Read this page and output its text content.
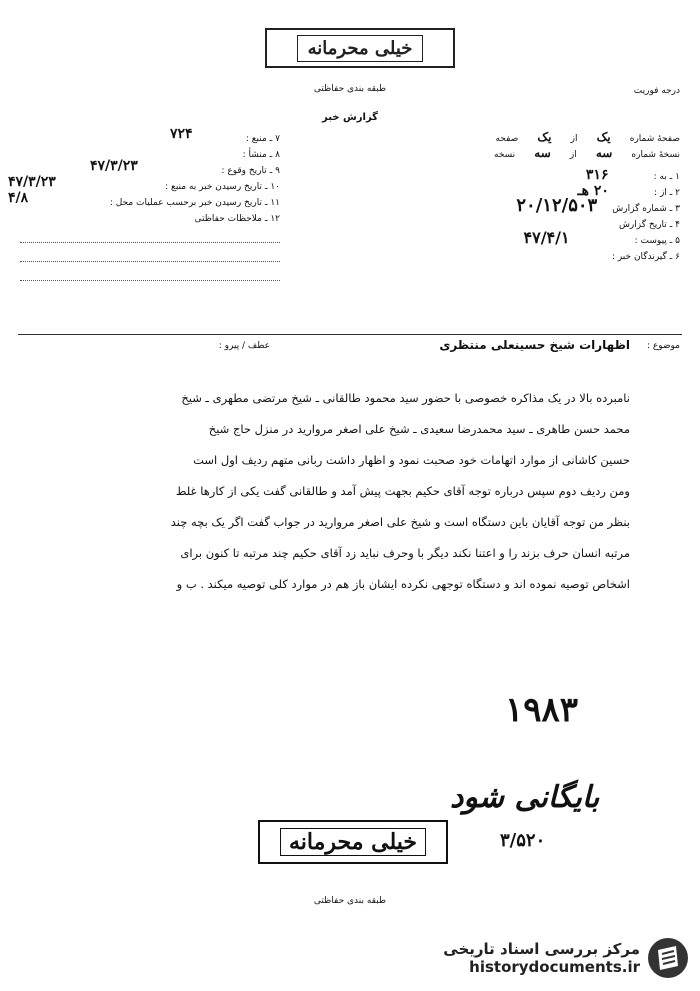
خیلی محرمانه
طبقه بندی حفاظتی	درجه فوریت
گزارش خبر
۷ ـ منبع :
۷۲۴
۸ ـ منشأ :
۹ ـ تاریخ وقوع :
۴۷/۳/۲۳
۱۰ ـ تاریخ رسیدن خبر به منبع :
۴۷/۳/۲۳
۱۱ ـ تاریخ رسیدن خبر برحسب عملیات محل :
۴/۸
۱۲ ـ ملاحظات حفاظتی
صفحهٔ شماره یک از یک صفحه
نسخهٔ شماره سه از سه نسخه
۱ ـ به : ۳۱۶
۲ ـ از : ۲۰ هـ
۳ ـ شماره گزارش ۲۰/۱۲/۵۰۳
۴ ـ تاریخ گزارش
۵ ـ پیوست : ۴۷/۴/۱
۶ ـ گیرندگان خبر :
موضوع :
اظهارات شیخ حسینعلی منتظری
عطف / پیرو :
نامبرده بالا در یک مذاکره خصوصی با حضور سید محمود طالقانی ـ شیخ مرتضی مطهری ـ شیخ
محمد حسن طاهری ـ سید محمدرضا سعیدی ـ شیخ علی اصغر مروارید در منزل حاج شیخ
حسین کاشانی از موارد اتهامات خود صحبت نمود و اظهار داشت ربانی متهم ردیف اول است
ومن ردیف دوم سپس درباره توجه آقای حکیم بجهت پیش آمد و طالقانی گفت یکی از کارها غلط
بنظر من توجه آقایان باین دستگاه است و شیخ علی اصغر مروارید در جواب گفت اگر یک بچه چند
مرتبه انسان حرف بزند را و اعتنا نکند دیگر با وحرف نباید زد آقای حکیم چند مرتبه تا کنون برای
اشخاص توصیه نموده اند و دستگاه توجهی نکرده ایشان باز هم در موارد کلی توصیه میکند . ب و
۱۹۸۳
بایگانی شود
۳/۵۲۰
خیلی محرمانه
طبقه بندی حفاظتی
مرکز بررسی اسناد تاریخی
historydocuments.ir
